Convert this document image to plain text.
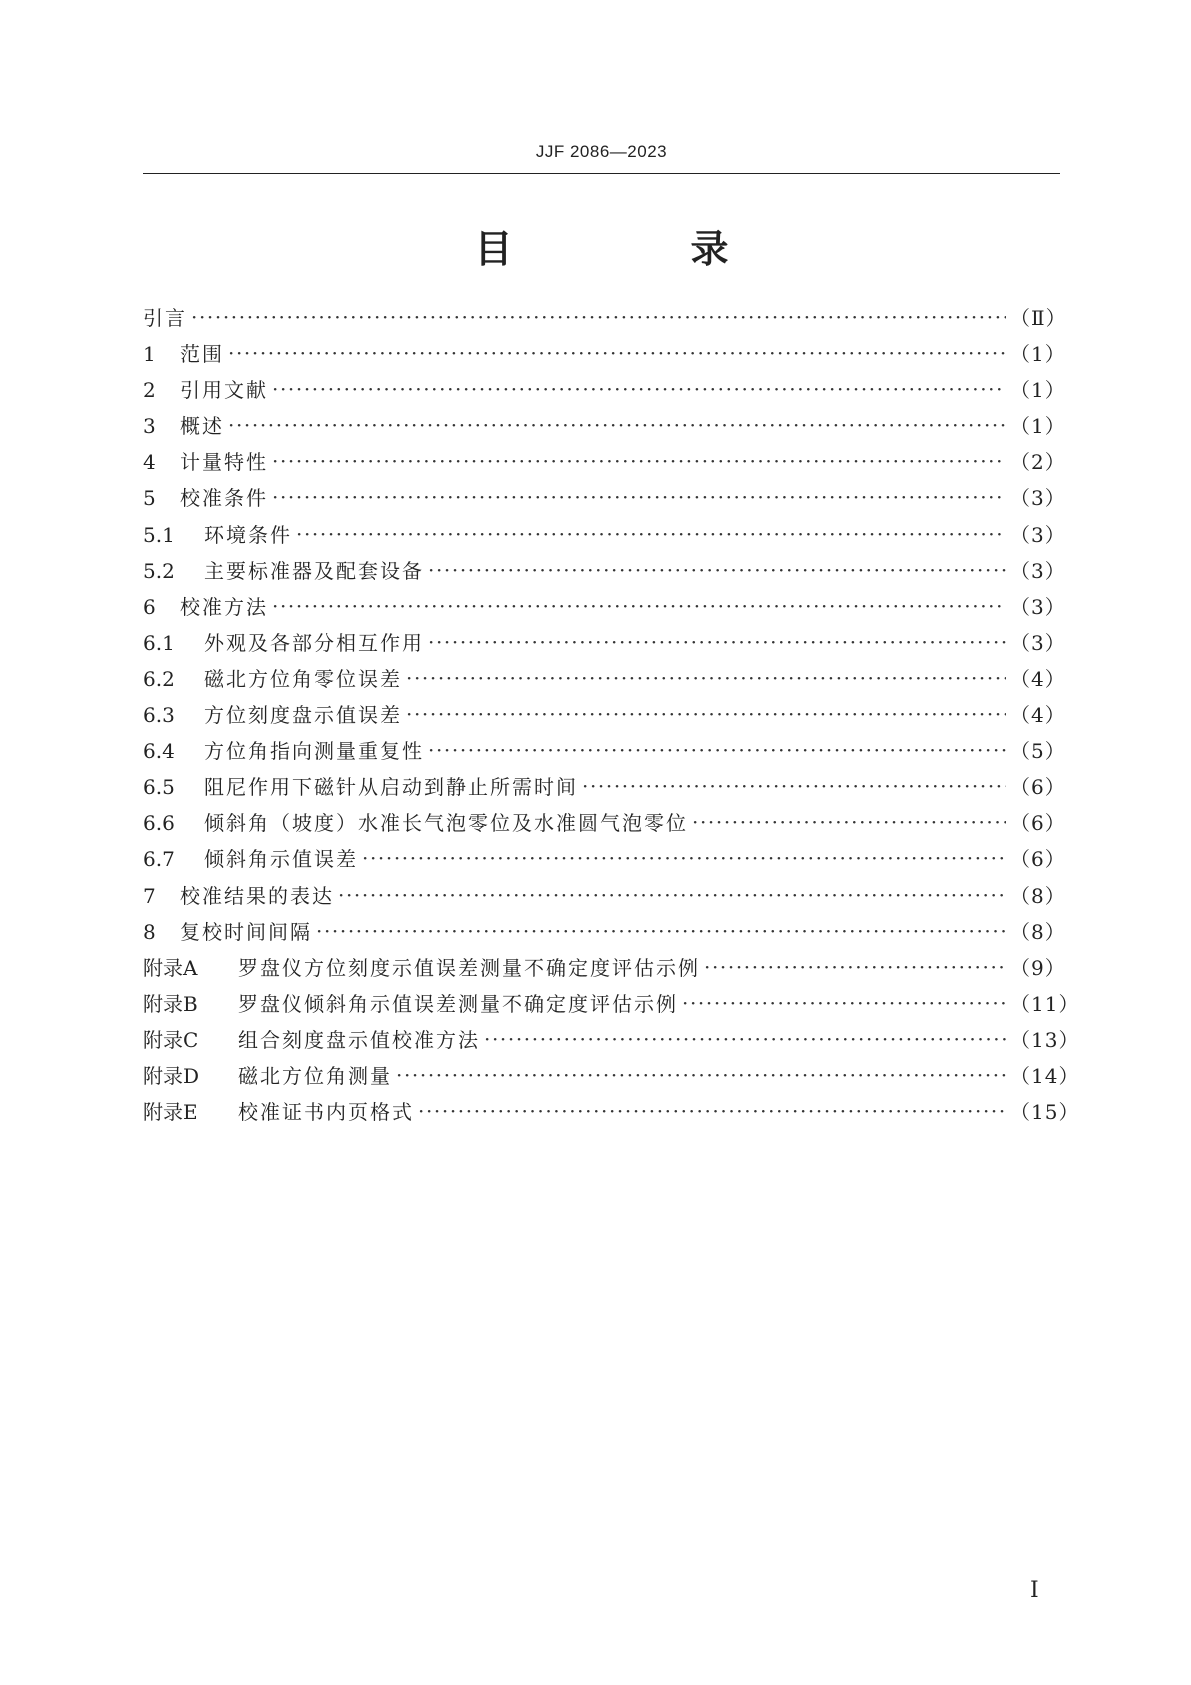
JJF 2086—2023
目　录
引言 ·····	（Ⅱ）
1	范围 ·····	（1）
2	引用文献 ·····	（1）
3	概述 ·····	（1）
4	计量特性 ·····	（2）
5	校准条件 ·····	（3）
5.1	环境条件 ·····	（3）
5.2	主要标准器及配套设备 ·····	（3）
6	校准方法 ·····	（3）
6.1	外观及各部分相互作用 ·····	（3）
6.2	磁北方位角零位误差 ·····	（4）
6.3	方位刻度盘示值误差 ·····	（4）
6.4	方位角指向测量重复性 ·····	（5）
6.5	阻尼作用下磁针从启动到静止所需时间 ·····	（6）
6.6	倾斜角（坡度）水准长气泡零位及水准圆气泡零位 ·····	（6）
6.7	倾斜角示值误差 ·····	（6）
7	校准结果的表达 ·····	（8）
8	复校时间间隔 ·····	（8）
附录A	罗盘仪方位刻度示值误差测量不确定度评估示例 ·····	（9）
附录B	罗盘仪倾斜角示值误差测量不确定度评估示例 ·····	（11）
附录C	组合刻度盘示值校准方法 ·····	（13）
附录D	磁北方位角测量 ·····	（14）
附录E	校准证书内页格式 ·····	（15）
Ⅰ
